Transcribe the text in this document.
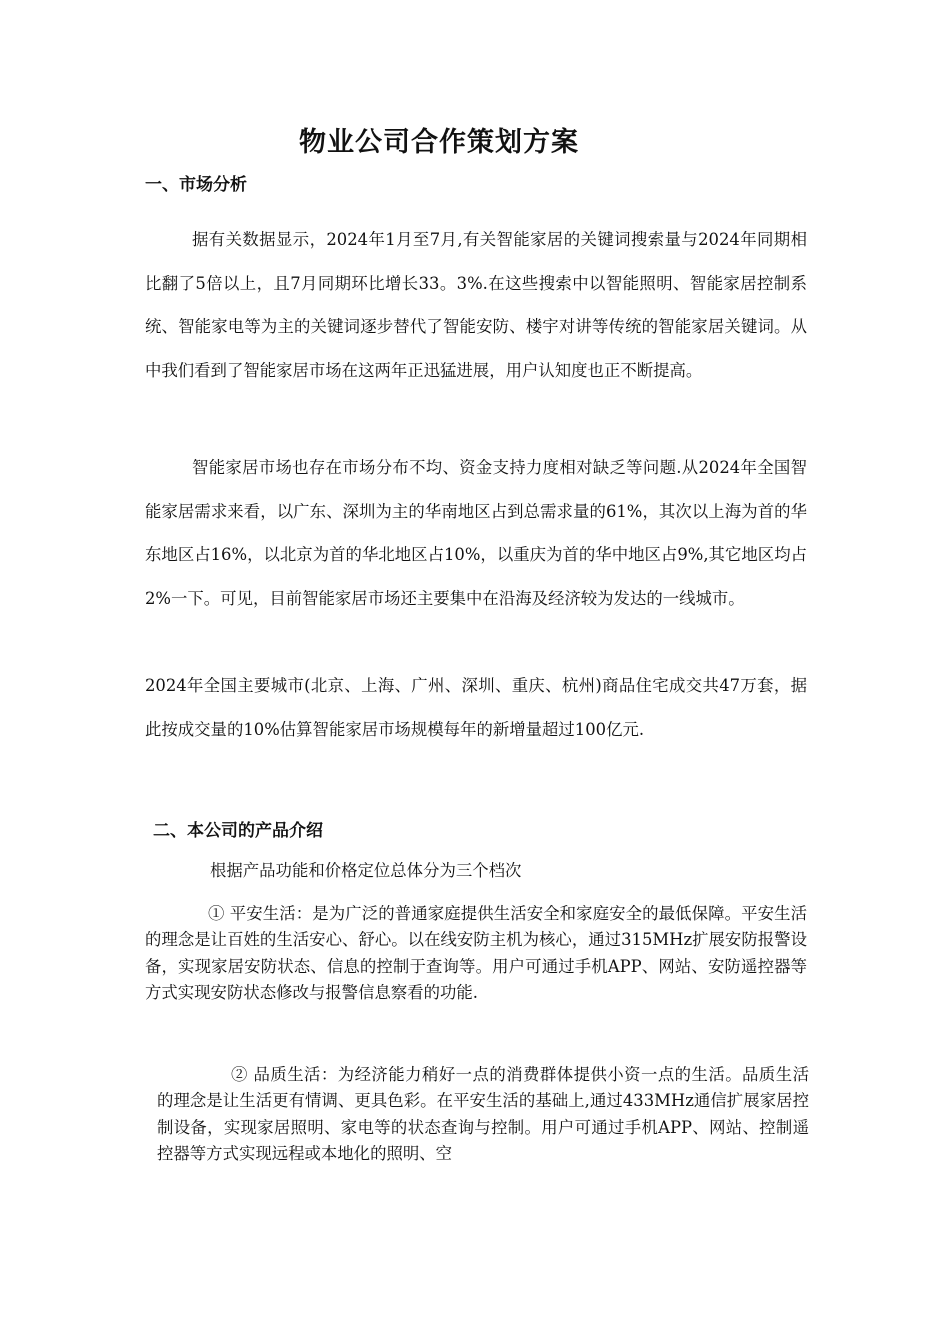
物业公司合作策划方案
一、市场分析

据有关数据显示，2024年1月至7月,有关智能家居的关键词搜索量与2024年同期相比翻了5倍以上，且7月同期环比增长33。3%.在这些搜索中以智能照明、智能家居控制系统、智能家电等为主的关键词逐步替代了智能安防、楼宇对讲等传统的智能家居关键词。从中我们看到了智能家居市场在这两年正迅猛进展，用户认知度也正不断提高。

智能家居市场也存在市场分布不均、资金支持力度相对缺乏等问题.从2024年全国智能家居需求来看，以广东、深圳为主的华南地区占到总需求量的61%，其次以上海为首的华东地区占16%，以北京为首的华北地区占10%，以重庆为首的华中地区占9%,其它地区均占2%一下。可见，目前智能家居市场还主要集中在沿海及经济较为发达的一线城市。

2024年全国主要城市(北京、上海、广州、深圳、重庆、杭州)商品住宅成交共47万套，据此按成交量的10%估算智能家居市场规模每年的新增量超过100亿元.

二、本公司的产品介绍

根据产品功能和价格定位总体分为三个档次

① 平安生活：是为广泛的普通家庭提供生活安全和家庭安全的最低保障。平安生活的理念是让百姓的生活安心、舒心。以在线安防主机为核心，通过315MHz扩展安防报警设备，实现家居安防状态、信息的控制于查询等。用户可通过手机APP、网站、安防遥控器等方式实现安防状态修改与报警信息察看的功能.

② 品质生活：为经济能力稍好一点的消费群体提供小资一点的生活。品质生活的理念是让生活更有情调、更具色彩。在平安生活的基础上,通过433MHz通信扩展家居控制设备，实现家居照明、家电等的状态查询与控制。用户可通过手机APP、网站、控制遥控器等方式实现远程或本地化的照明、空
